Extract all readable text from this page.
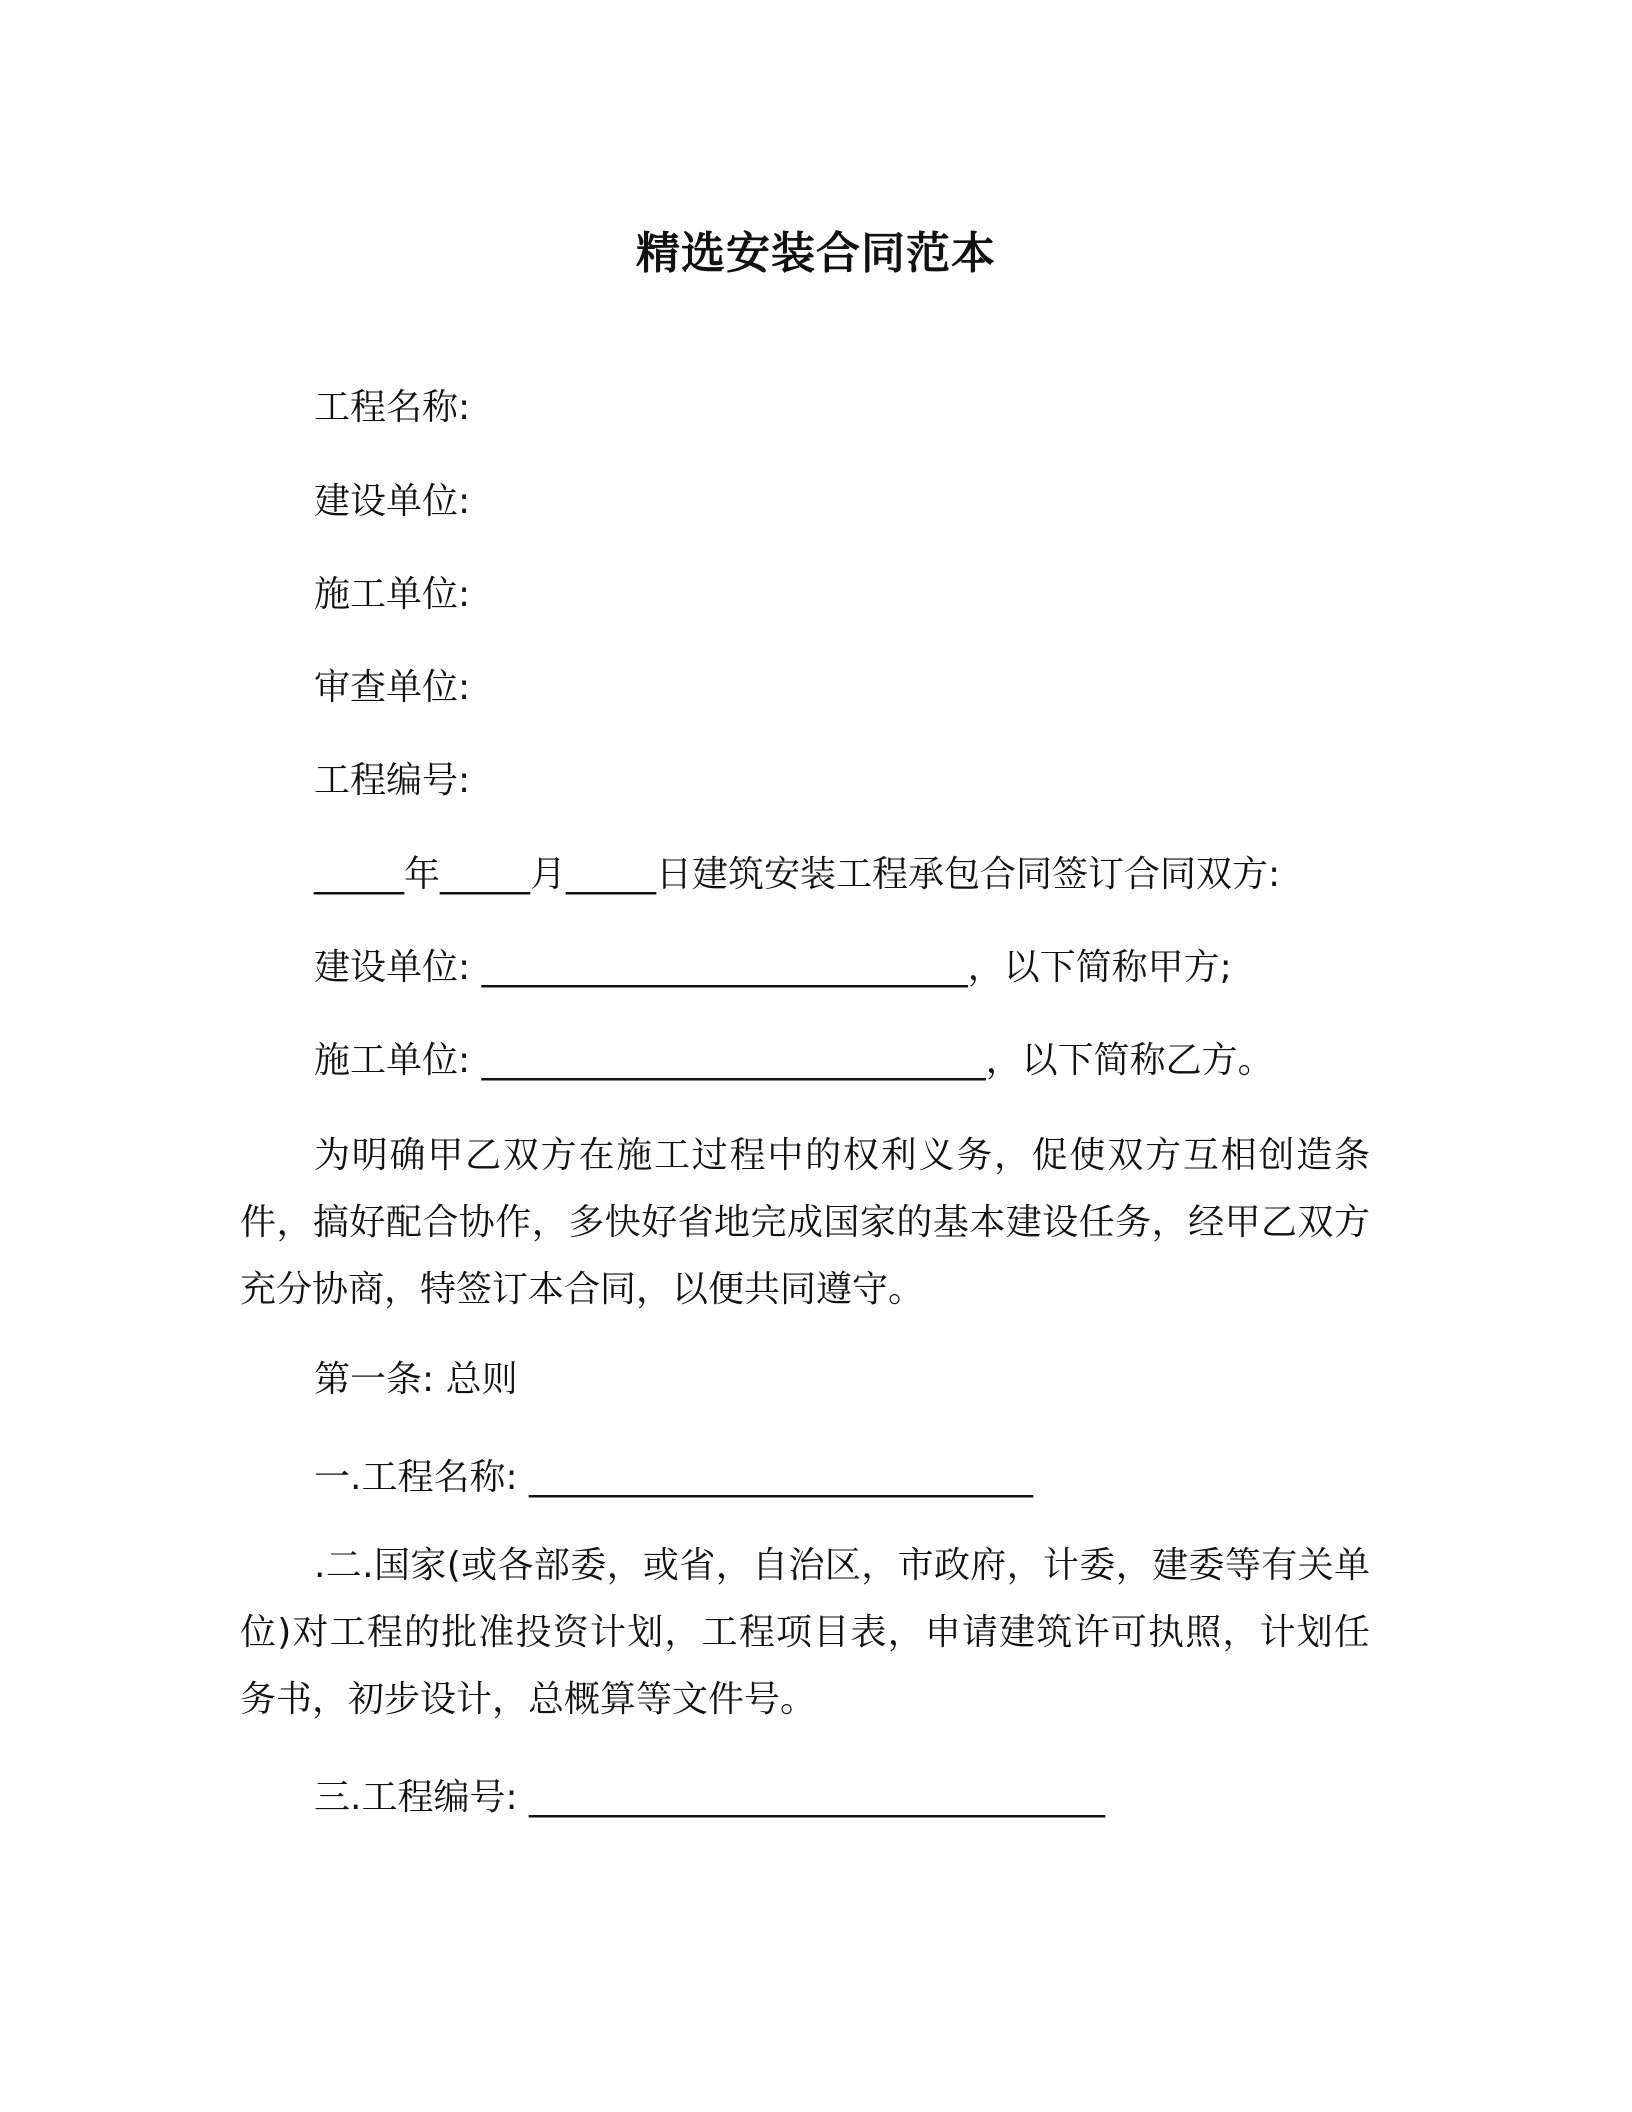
精选安装合同范本
工程名称:
建设单位:
施工单位:
审查单位:
工程编号:
_____年_____月_____日建筑安装工程承包合同签订合同双方:
建设单位: ___________________________，以下简称甲方;
施工单位: ____________________________，以下简称乙方。
为明确甲乙双方在施工过程中的权利义务，促使双方互相创造条件，搞好配合协作，多快好省地完成国家的基本建设任务，经甲乙双方充分协商，特签订本合同，以便共同遵守。
第一条: 总则
一.工程名称: ____________________________
.二.国家(或各部委，或省，自治区，市政府，计委，建委等有关单位)对工程的批准投资计划，工程项目表，申请建筑许可执照，计划任务书，初步设计，总概算等文件号。
三.工程编号: ________________________________
